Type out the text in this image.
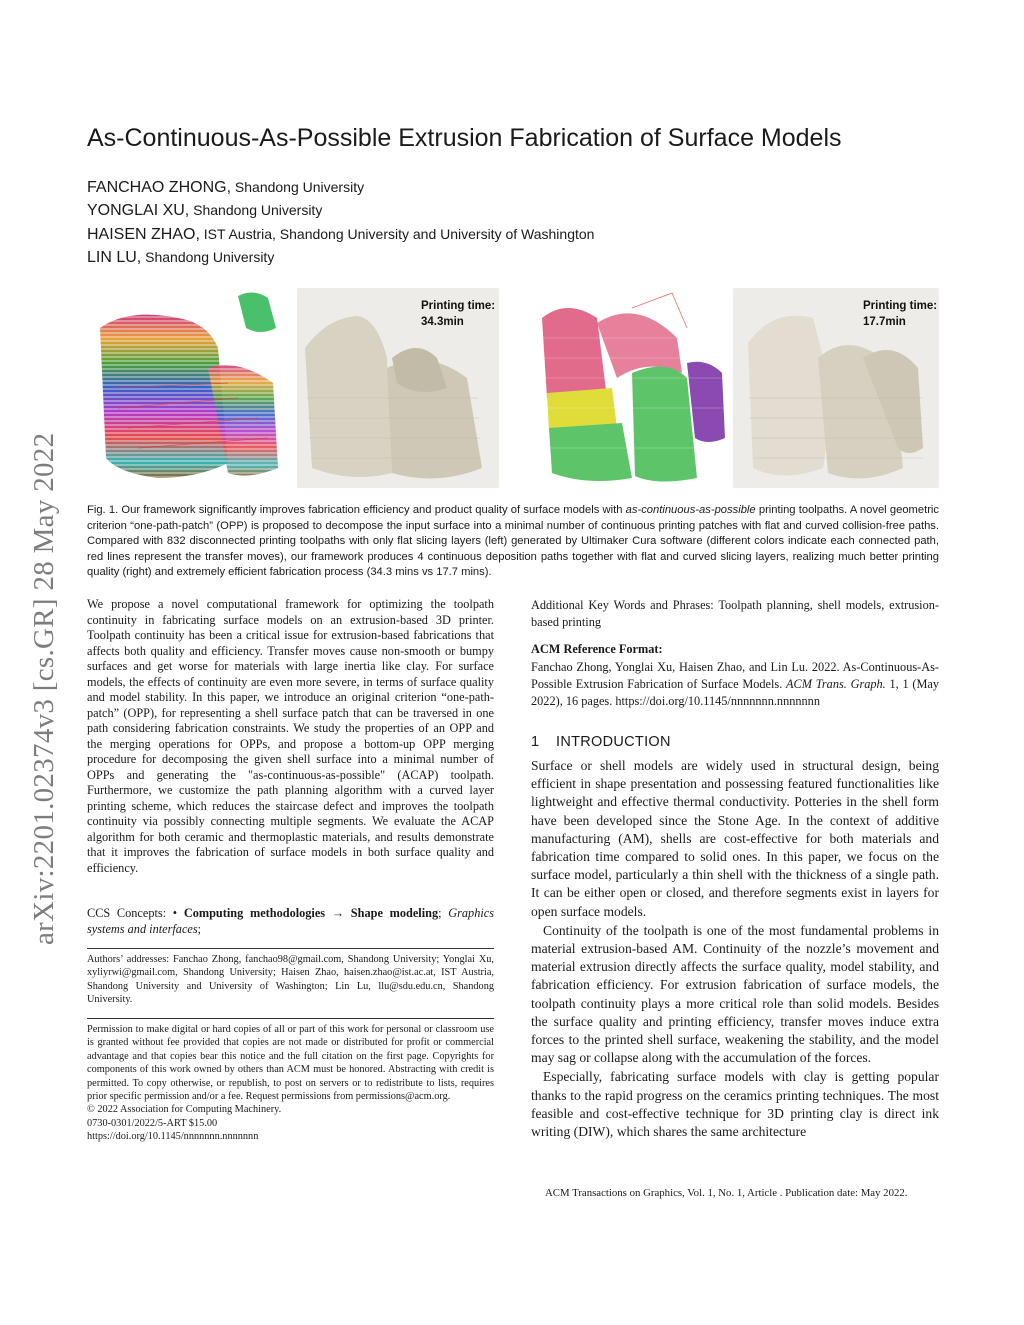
arXiv:2201.02374v3 [cs.GR] 28 May 2022
As-Continuous-As-Possible Extrusion Fabrication of Surface Models
FANCHAO ZHONG, Shandong University
YONGLAI XU, Shandong University
HAISEN ZHAO, IST Austria, Shandong University and University of Washington
LIN LU, Shandong University
Printing time:
34.3min
Printing time:
17.7min
Fig. 1. Our framework significantly improves fabrication efficiency and product quality of surface models with as-continuous-as-possible printing toolpaths. A novel geometric criterion “one-path-patch” (OPP) is proposed to decompose the input surface into a minimal number of continuous printing patches with flat and curved collision-free paths. Compared with 832 disconnected printing toolpaths with only flat slicing layers (left) generated by Ultimaker Cura software (different colors indicate each connected path, red lines represent the transfer moves), our framework produces 4 continuous deposition paths together with flat and curved slicing layers, realizing much better printing quality (right) and extremely efficient fabrication process (34.3 mins vs 17.7 mins).
We propose a novel computational framework for optimizing the toolpath continuity in fabricating surface models on an extrusion-based 3D printer. Toolpath continuity has been a critical issue for extrusion-based fabrications that affects both quality and efficiency. Transfer moves cause non-smooth or bumpy surfaces and get worse for materials with large inertia like clay. For surface models, the effects of continuity are even more severe, in terms of surface quality and model stability. In this paper, we introduce an original criterion “one-path-patch” (OPP), for representing a shell surface patch that can be traversed in one path considering fabrication constraints. We study the properties of an OPP and the merging operations for OPPs, and propose a bottom-up OPP merging procedure for decomposing the given shell surface into a minimal number of OPPs and generating the "as-continuous-as-possible" (ACAP) toolpath. Furthermore, we customize the path planning algorithm with a curved layer printing scheme, which reduces the staircase defect and improves the toolpath continuity via possibly connecting multiple segments. We evaluate the ACAP algorithm for both ceramic and thermoplastic materials, and results demonstrate that it improves the fabrication of surface models in both surface quality and efficiency.
CCS Concepts: • Computing methodologies → Shape modeling; Graphics systems and interfaces;
Authors’ addresses: Fanchao Zhong, fanchao98@gmail.com, Shandong University; Yonglai Xu, xyliyrwi@gmail.com, Shandong University; Haisen Zhao, haisen.zhao@ist.ac.at, IST Austria, Shandong University and University of Washington; Lin Lu, llu@sdu.edu.cn, Shandong University.
Permission to make digital or hard copies of all or part of this work for personal or classroom use is granted without fee provided that copies are not made or distributed for profit or commercial advantage and that copies bear this notice and the full citation on the first page. Copyrights for components of this work owned by others than ACM must be honored. Abstracting with credit is permitted. To copy otherwise, or republish, to post on servers or to redistribute to lists, requires prior specific permission and/or a fee. Request permissions from permissions@acm.org.
© 2022 Association for Computing Machinery.
0730-0301/2022/5-ART $15.00
https://doi.org/10.1145/nnnnnnn.nnnnnnn
Additional Key Words and Phrases: Toolpath planning, shell models, extrusion-based printing
ACM Reference Format:
Fanchao Zhong, Yonglai Xu, Haisen Zhao, and Lin Lu. 2022. As-Continuous-As-Possible Extrusion Fabrication of Surface Models. ACM Trans. Graph. 1, 1 (May 2022), 16 pages. https://doi.org/10.1145/nnnnnnn.nnnnnnn
1 INTRODUCTION

Surface or shell models are widely used in structural design, being efficient in shape presentation and possessing featured functionalities like lightweight and effective thermal conductivity. Potteries in the shell form have been developed since the Stone Age. In the context of additive manufacturing (AM), shells are cost-effective for both materials and fabrication time compared to solid ones. In this paper, we focus on the surface model, particularly a thin shell with the thickness of a single path. It can be either open or closed, and therefore segments exist in layers for open surface models.

Continuity of the toolpath is one of the most fundamental problems in material extrusion-based AM. Continuity of the nozzle’s movement and material extrusion directly affects the surface quality, model stability, and fabrication efficiency. For extrusion fabrication of surface models, the toolpath continuity plays a more critical role than solid models. Besides the surface quality and printing efficiency, transfer moves induce extra forces to the printed shell surface, weakening the stability, and the model may sag or collapse along with the accumulation of the forces.

Especially, fabricating surface models with clay is getting popular thanks to the rapid progress on the ceramics printing techniques. The most feasible and cost-effective technique for 3D printing clay is direct ink writing (DIW), which shares the same architecture

ACM Transactions on Graphics, Vol. 1, No. 1, Article . Publication date: May 2022.
